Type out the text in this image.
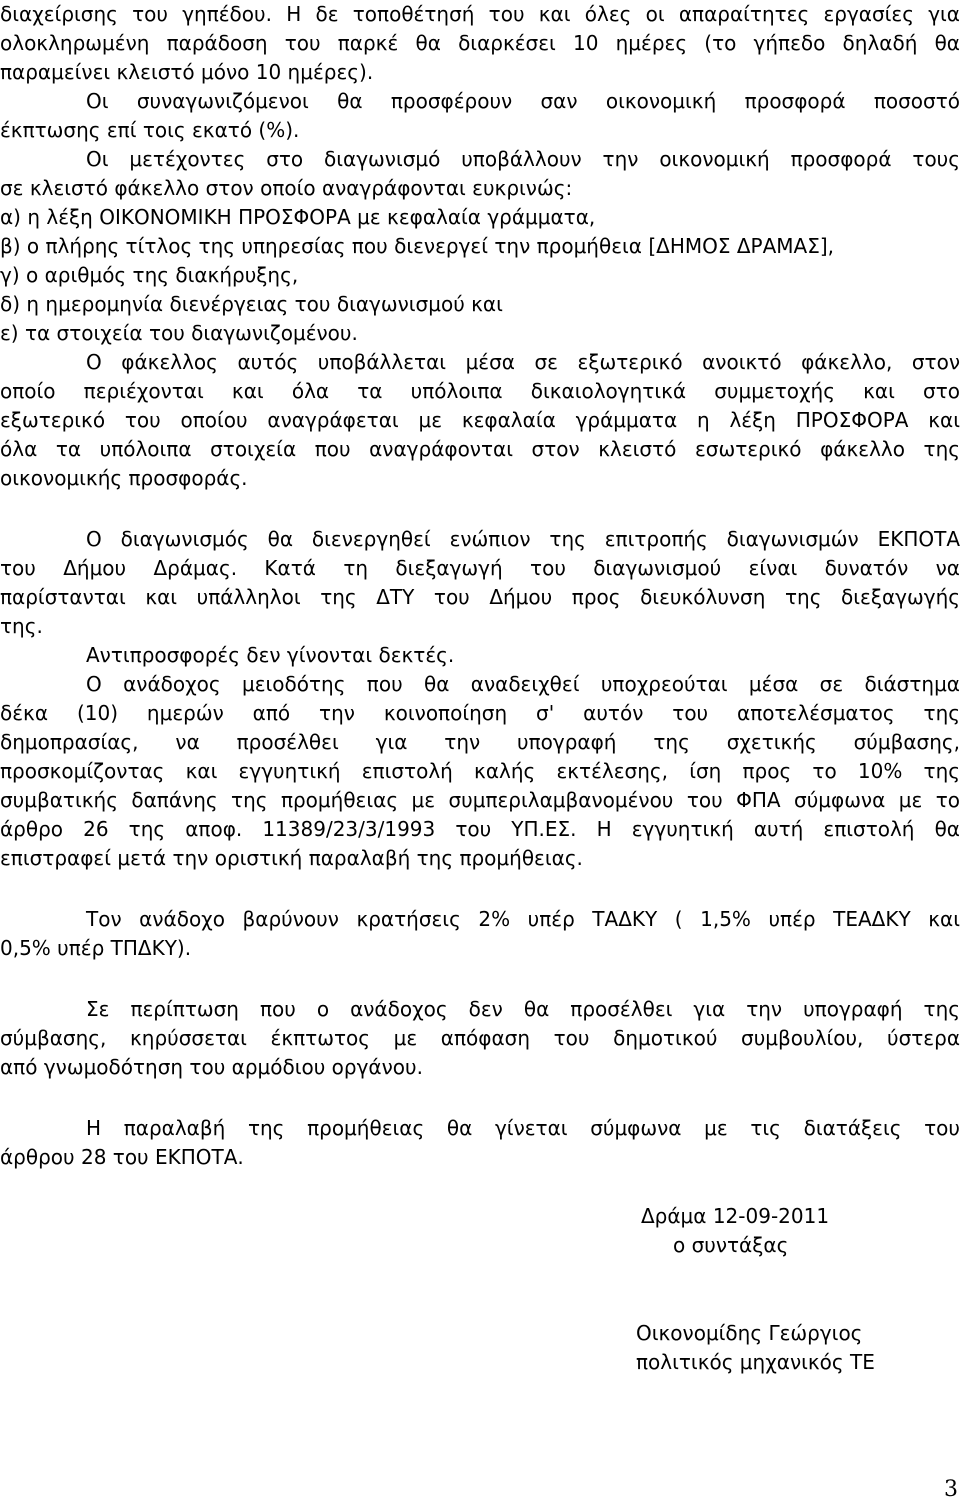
διαχείρισης του γηπέδου. Η δε τοποθέτησή του και όλες οι απαραίτητες εργασίες για
ολοκληρωμένη παράδοση του παρκέ θα διαρκέσει 10 ημέρες (το γήπεδο δηλαδή θα
παραμείνει κλειστό μόνο 10 ημέρες).
Οι συναγωνιζόμενοι θα προσφέρουν σαν οικονομική προσφορά ποσοστό
έκπτωσης επί τοις εκατό (%).
Οι μετέχοντες στο διαγωνισμό υποβάλλουν την οικονομική προσφορά τους
σε κλειστό φάκελλο στον οποίο αναγράφονται ευκρινώς:
α) η λέξη ΟΙΚΟΝΟΜΙΚΗ ΠΡΟΣΦΟΡΑ με κεφαλαία γράμματα,
β) ο πλήρης τίτλος της υπηρεσίας που διενεργεί την προμήθεια [ΔΗΜΟΣ ΔΡΑΜΑΣ],
γ) ο αριθμός της διακήρυξης,
δ) η ημερομηνία διενέργειας του διαγωνισμού και
ε) τα στοιχεία του διαγωνιζομένου.
Ο φάκελλος αυτός υποβάλλεται μέσα σε εξωτερικό ανοικτό φάκελλο, στον
οποίο περιέχονται και όλα τα υπόλοιπα δικαιολογητικά συμμετοχής και στο
εξωτερικό του οποίου αναγράφεται με κεφαλαία γράμματα η λέξη ΠΡΟΣΦΟΡΑ και
όλα τα υπόλοιπα στοιχεία που αναγράφονται στον κλειστό εσωτερικό φάκελλο της
οικονομικής προσφοράς.
Ο διαγωνισμός θα διενεργηθεί ενώπιον της επιτροπής διαγωνισμών ΕΚΠΟΤΑ
του Δήμου Δράμας. Κατά τη διεξαγωγή του διαγωνισμού είναι δυνατόν να
παρίστανται και υπάλληλοι της ΔΤΥ του Δήμου προς διευκόλυνση της διεξαγωγής
της.
Αντιπροσφορές δεν γίνονται δεκτές.
Ο ανάδοχος μειοδότης που θα αναδειχθεί υποχρεούται μέσα σε διάστημα
δέκα (10) ημερών από την κοινοποίηση σ' αυτόν του αποτελέσματος της
δημοπρασίας, να προσέλθει για την υπογραφή της σχετικής σύμβασης,
προσκομίζοντας και εγγυητική επιστολή καλής εκτέλεσης, ίση προς το 10% της
συμβατικής δαπάνης της προμήθειας με συμπεριλαμβανομένου του ΦΠΑ σύμφωνα με το
άρθρο 26 της αποφ. 11389/23/3/1993 του ΥΠ.ΕΣ. Η εγγυητική αυτή επιστολή θα
επιστραφεί μετά την οριστική παραλαβή της προμήθειας.
Τον ανάδοχο βαρύνουν κρατήσεις 2% υπέρ ΤΑΔΚΥ ( 1,5% υπέρ ΤΕΑΔΚΥ και
0,5% υπέρ ΤΠΔΚΥ).
Σε περίπτωση που ο ανάδοχος δεν θα προσέλθει για την υπογραφή της
σύμβασης, κηρύσσεται έκπτωτος με απόφαση του δημοτικού συμβουλίου, ύστερα
από γνωμοδότηση του αρμόδιου οργάνου.
Η παραλαβή της προμήθειας θα γίνεται σύμφωνα με τις διατάξεις του
άρθρου 28 του ΕΚΠΟΤΑ.
Δράμα 12-09-2011
ο συντάξας
Οικονομίδης Γεώργιος
πολιτικός μηχανικός ΤΕ
3
